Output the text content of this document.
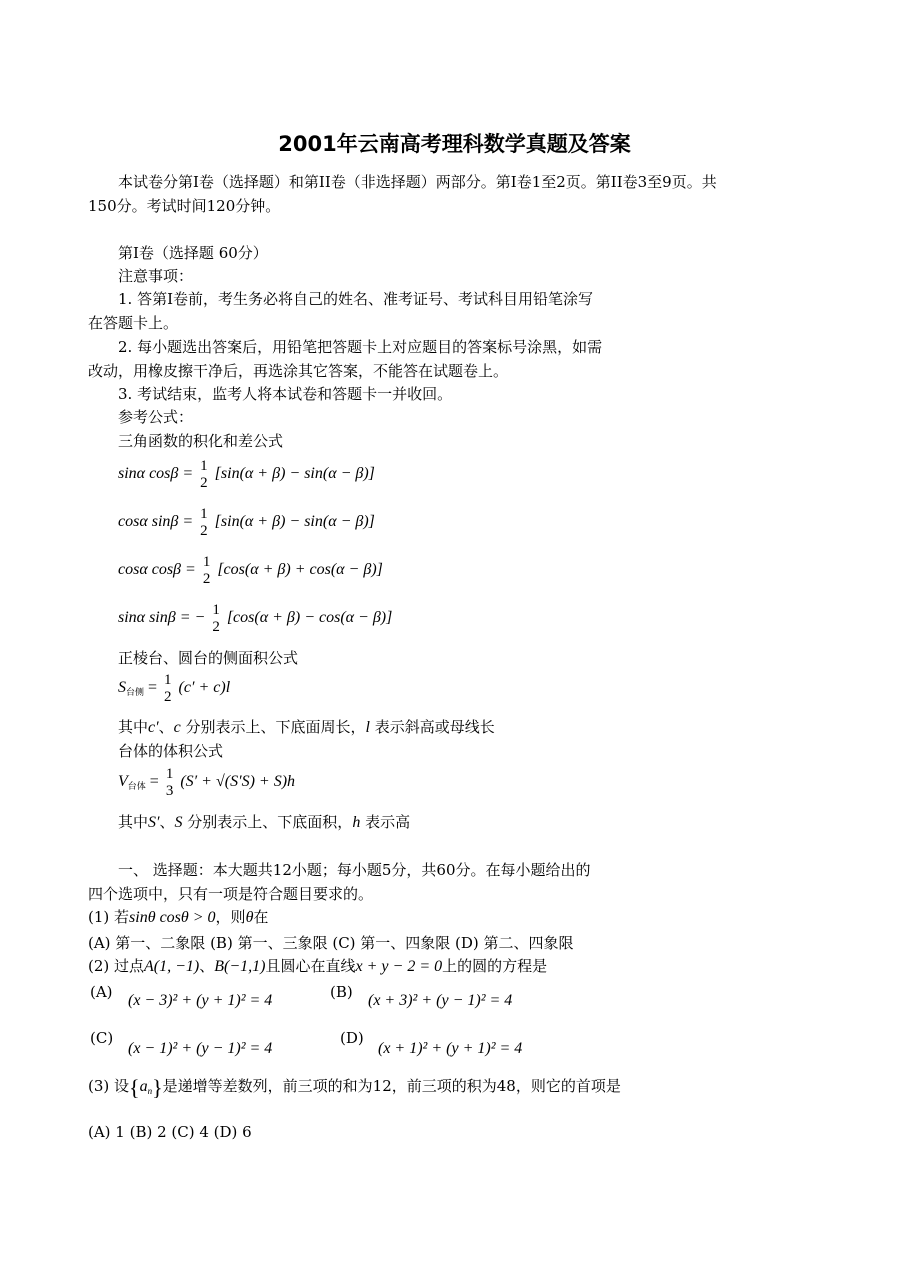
2001年云南高考理科数学真题及答案
本试卷分第Ⅰ卷（选择题）和第II卷（非选择题）两部分。第Ⅰ卷1至2页。第II卷3至9页。共
150分。考试时间120分钟。
第Ⅰ卷（选择题 60分）
注意事项：
1. 答第Ⅰ卷前，考生务必将自己的姓名、准考证号、考试科目用铅笔涂写
在答题卡上。
2. 每小题选出答案后，用铅笔把答题卡上对应题目的答案标号涂黑，如需
改动，用橡皮擦干净后，再选涂其它答案，不能答在试题卷上。
3. 考试结束，监考人将本试卷和答题卡一并收回。
参考公式：
三角函数的积化和差公式
sinα cosβ = 1
2
[sin(α + β) − sin(α − β)]
cosα sinβ = 1
2
[sin(α + β) − sin(α − β)]
cosα cosβ = 1
2
[cos(α + β) + cos(α − β)]
sinα sinβ = − 1
2
[cos(α + β) − cos(α − β)]
正棱台、圆台的侧面积公式
$S_{台侧} = 1$
2
(c′ + c)l
其中c′、c 分别表示上、下底面周长，l 表示斜高或母线长
台体的体积公式
$V_{台体} = 1$
3
(S′ + √(S′S) + S)h
其中S′、S 分别表示上、下底面积，h 表示高
一、 选择题：本大题共12小题；每小题5分，共60分。在每小题给出的
四个选项中，只有一项是符合题目要求的。
(1) 若sinθ cosθ > 0，则θ在
(A) 第一、二象限 (B) 第一、三象限 (C) 第一、四象限 (D) 第二、四象限
(2) 过点A(1, −1)、B(−1,1)且圆心在直线x + y − 2 = 0上的圆的方程是
(A) (x − 3)² + (y + 1)² = 4	(B) (x + 3)² + (y − 1)² = 4
(C)
(x − 1)² + (y − 1)² = 4
(D)
(x + 1)² + (y + 1)² = 4
(3) 设$\{a_n\}$是递增等差数列，前三项的和为12，前三项的积为48，则它的首项是
(A) 1 (B) 2 (C) 4 (D) 6
